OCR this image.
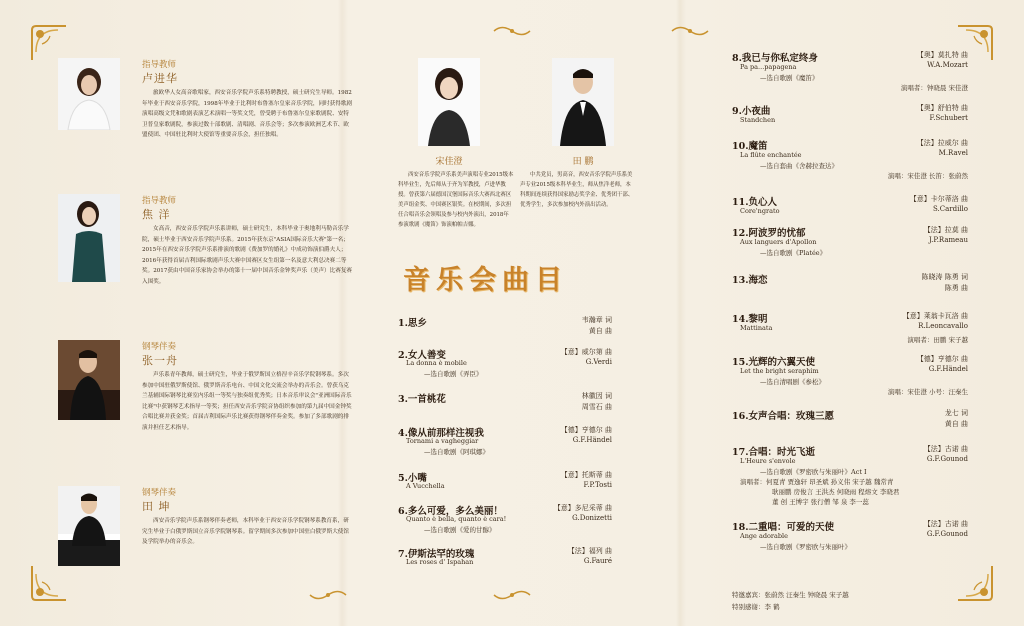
指导教师
卢进华
旅欧华人女高音歌唱家，西安音乐学院声乐系特聘教授，硕士研究生导师。1982年毕业于西安音乐学院，1998年毕业于比利时布鲁塞尔皇家音乐学院，同时获得歌剧演唱高级文凭和歌剧表演艺术演唱一等奖文凭，曾受聘于布鲁塞尔皇家歌剧院、安特卫普皇家歌剧院，参演过数十部歌剧、清唱剧、音乐会等；多次参演欧洲艺术节、欧盟使团、中国驻比利时大使馆等重要音乐会，担任独唱。
指导教师
焦 洋
女高音，西安音乐学院声乐系讲师，硕士研究生，本科毕业于奥地利马勒音乐学院，硕士毕业于西安音乐学院声乐系。2015年获东京"ASIA国际音乐大赛"第一名；2015年在西安音乐学院声乐系排演的歌剧《费加罗的婚礼》中成功饰演伯爵夫人；2016年获得首届吉利国际歌剧声乐大赛中国赛区女生组第一名及意大利总决赛二等奖。2017获由中国音乐家协会举办的第十一届中国音乐金钟奖声乐（美声）比赛复赛入围奖。
钢琴伴奏
张一舟
声乐系青年教师，硕士研究生，毕业于俄罗斯国立格涅辛音乐学院钢琴系。多次参加中国驻俄罗斯使馆、俄罗斯音乐电台、中国文化交流会举办的音乐会。曾获乌克兰基辅国际钢琴比赛室内乐组一等奖与独奏组优秀奖；日本音乐审议会"亚洲国际音乐比赛"中获钢琴艺术指导一等奖；担任西安音乐学院音协组织参加的第九届中国金钟奖合唱比赛并获金奖；首届吉利国际声乐比赛获得钢琴伴奏金奖。参加了多部歌剧的排演并担任艺术指导。
钢琴伴奏
田 坤
西安音乐学院声乐系钢琴伴奏老师，本科毕业于西安音乐学院钢琴系教育系，研究生毕业于白俄罗斯国立音乐学院钢琴系。留学期间多次参加中国驻白俄罗斯大使馆及学院举办的音乐会。
宋佳澄
西安音乐学院声乐系美声演唱专业2015级本科毕业生，先后师从于齐为军教授，卢进华教授。曾获第六届德国汉堡国际音乐大赛西北赛区美声组金奖、中国赛区银奖。在校期间，多次担任合唱音乐会领唱及参与校内外演出，2018年参演歌剧《魔笛》饰演帕帕吉娜。
田 鹏
中共党员，男高音，西安音乐学院声乐系美声专业2015级本科毕业生，师从焦洋老师，本科期间连续获得国家励志奖学金、优秀团干部、优秀学生，多次参加校内外演出活动。
音乐会曲目
1.思乡	韦瀚章 词
黄自 曲
2.女人善变	【意】威尔第 曲
G.Verdi
La donna è mobile
—选自歌剧《弄臣》
3.一首桃花	林徽因 词
周雪石 曲
4.像从前那样注视我	【德】亨德尔 曲
G.F.Händel
Tornami a vagheggiar
—选自歌剧《阿琪娜》
5.小嘴	【意】托斯蒂 曲
F.P.Tosti
A Vucchella
6.多么可爱，多么美丽！	【意】多尼采蒂 曲
G.Donizetti
Quanto è bella, quanto è cara!
—选自歌剧《爱的甘醇》
7.伊斯法罕的玫瑰	【法】福列 曲
G.Fauré
Les roses d' Ispahan
8.我已与你私定终身	【奥】莫扎特 曲
W.A.Mozart
Pa pa...papagena
—选自歌剧《魔笛》
演唱者：钟晓晨 宋佳澄
9.小夜曲	【奥】舒伯特 曲
F.Schubert
Standchen
10.魔笛	【法】拉威尔 曲
M.Ravel
La flûte enchantée
—选自套曲《舍赫拉查达》
演唱：宋佳澄 长笛：张蔚然
11.负心人	【意】卡尔蒂洛 曲
S.Cardillo
Core'ngrato
12.阿波罗的忧郁	【法】拉莫 曲
J.P.Rameau
Aux languers d'Apollon
—选自歌剧《Platée》
13.海恋	陈晓涛 陈勇 词
陈勇 曲
14.黎明	【意】莱翁卡瓦洛 曲
R.Leoncavallo
Mattinata
演唱者：田鹏 宋子越
15.光辉的六翼天使	【德】亨德尔 曲
G.F.Händel
Let the bright seraphim
—选自清唱剧《参松》
演唱：宋佳澄 小号：汪秦生
16.女声合唱：玫瑰三愿	龙七 词
黄自 曲
17.合唱：时光飞逝	【法】古诺 曲
G.F.Gounod
L'Heure s'envole
—选自歌剧《罗密欧与朱丽叶》Act Ⅰ
演唱者：何夏青 贾逸轩 昂圣斌 孙义伟 宋子越 魏常青
耿丽鹏 房俊言 王洪杰 何晓雨 程熔文 李晓君
董 创 王博宇 张行僧 邹 泉 李一蕊
18.二重唱：可爱的天使	【法】古诺 曲
G.F.Gounod
Ange adorable
—选自歌剧《罗密欧与朱丽叶》
特邀嘉宾：张蔚然 汪秦生 钟晓晨 宋子越
特别感谢：李 鹤
